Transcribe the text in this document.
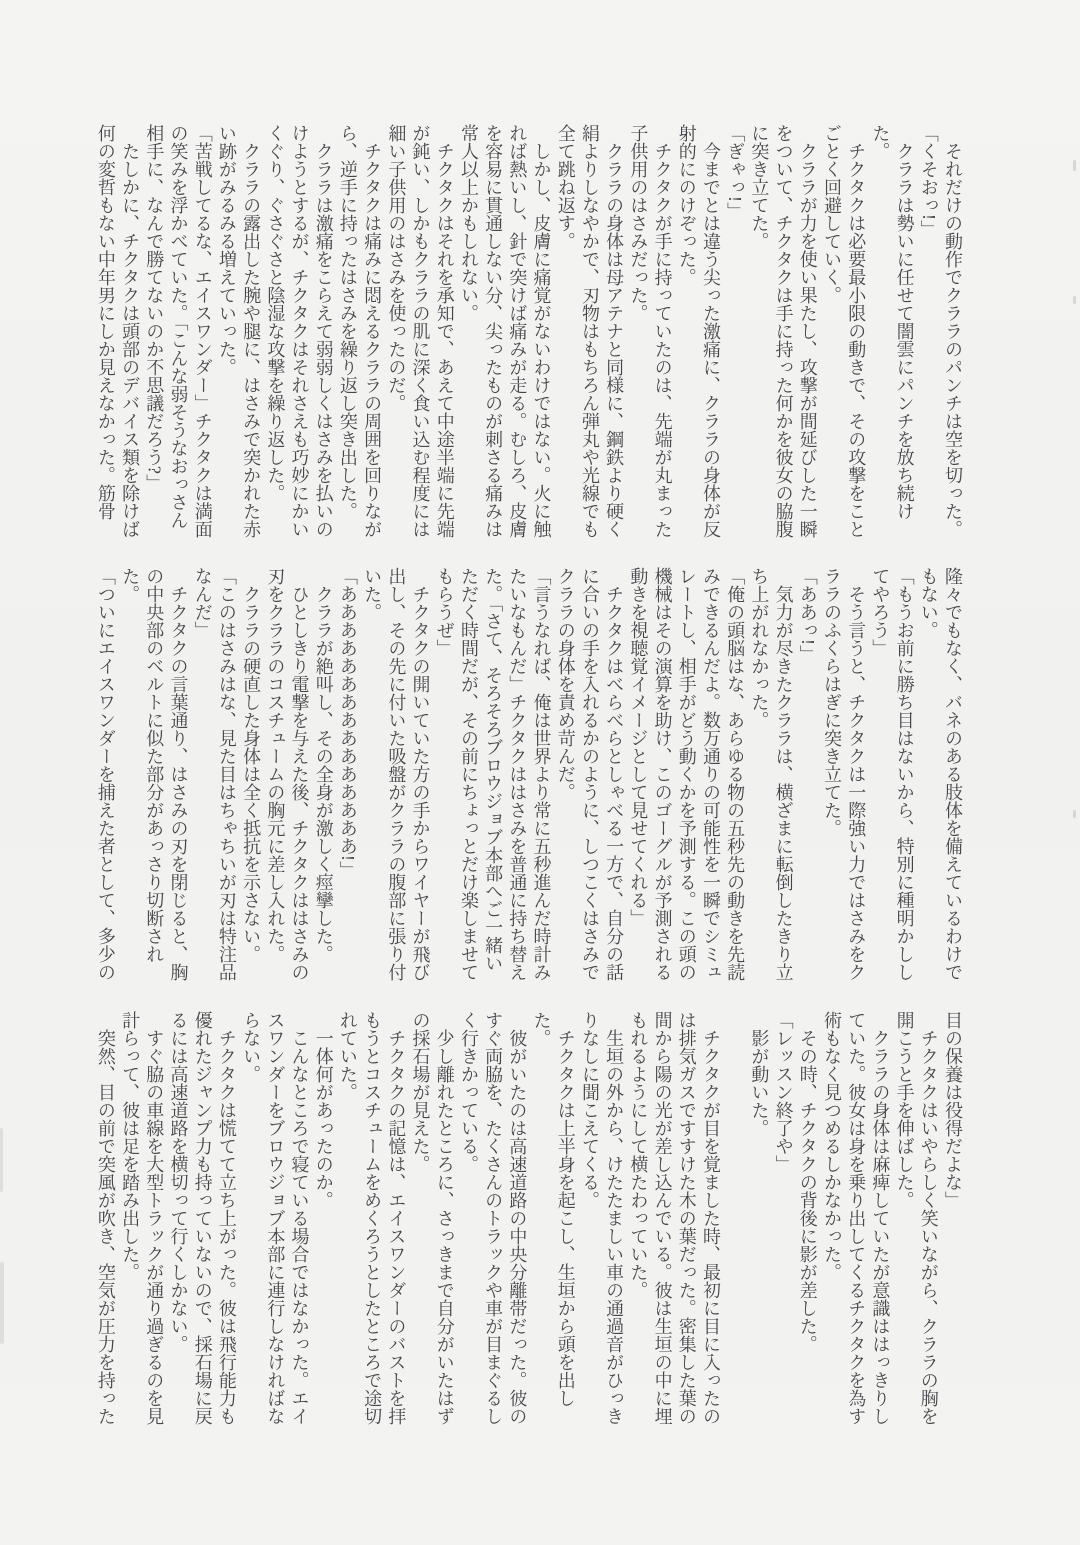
それだけの動作でクララのパンチは空を切った。

「くそおっ!」

クララは勢いに任せて闇雲にパンチを放ち続けた。

チクタクは必要最小限の動きで、その攻撃をことごとく回避していく。

クララが力を使い果たし、攻撃が間延びした一瞬をついて、チクタクは手に持った何かを彼女の脇腹に突き立てた。

「ぎゃっ!」

今までとは違う尖った激痛に、クララの身体が反射的にのけぞった。

チクタクが手に持っていたのは、先端が丸まった子供用のはさみだった。

クララの身体は母アテナと同様に、鋼鉄より硬く絹よりしなやかで、刃物はもちろん弾丸や光線でも全て跳ね返す。

しかし、皮膚に痛覚がないわけではない。火に触れば熱いし、針で突けば痛みが走る。むしろ、皮膚を容易に貫通しない分、尖ったものが刺さる痛みは常人以上かもしれない。

チクタクはそれを承知で、あえて中途半端に先端が鈍い、しかもクララの肌に深く食い込む程度には細い子供用のはさみを使ったのだ。

チクタクは痛みに悶えるクララの周囲を回りながら、逆手に持ったはさみを繰り返し突き出した。

クララは激痛をこらえて弱弱しくはさみを払いのけようとするが、チクタクはそれさえも巧妙にかいくぐり、ぐさぐさと陰湿な攻撃を繰り返した。

クララの露出した腕や腿に、はさみで突かれた赤い跡がみるみる増えていった。

「苦戦してるな、エイスワンダー」チクタクは満面の笑みを浮かべていた。「こんな弱そうなおっさん相手に、なんで勝てないのか不思議だろう?」

たしかに、チクタクは頭部のデバイス類を除けば何の変哲もない中年男にしか見えなかった。筋骨

隆々でもなく、バネのある肢体を備えているわけでもない。

「もうお前に勝ち目はないから、特別に種明かししてやろう」

そう言うと、チクタクは一際強い力ではさみをクララのふくらはぎに突き立てた。

「ああっ!」

気力が尽きたクララは、横ざまに転倒したきり立ち上がれなかった。

「俺の頭脳はな、あらゆる物の五秒先の動きを先読みできるんだよ。数万通りの可能性を一瞬でシミュレートし、相手がどう動くかを予測する。この頭の機械はその演算を助け、このゴーグルが予測される動きを視聴覚イメージとして見せてくれる」

チクタクはべらべらとしゃべる一方で、自分の話に合いの手を入れるかのように、しつこくはさみでクララの身体を責め苛んだ。

「言うなれば、俺は世界より常に五秒進んだ時計みたいなもんだ」チクタクははさみを普通に持ち替えた。「さて、そろそろブロウジョブ本部へご一緒いただく時間だが、その前にちょっとだけ楽しませてもらうぜ」

チクタクの開いていた方の手からワイヤーが飛び出し、その先に付いた吸盤がクララの腹部に張り付いた。

「あああああああああああああああ!」

クララが絶叫し、その全身が激しく痙攣した。

ひとしきり電撃を与えた後、チクタクははさみの刃をクララのコスチュームの胸元に差し入れた。

クララの硬直した身体は全く抵抗を示さない。

「このはさみはな、見た目はちゃちいが刃は特注品なんだ」

チクタクの言葉通り、はさみの刃を閉じると、胸の中央部のベルトに似た部分があっさり切断された。

「ついにエイスワンダーを捕えた者として、多少の

目の保養は役得だよな」

チクタクはいやらしく笑いながら、クララの胸を開こうと手を伸ばした。

クララの身体は麻痺していたが意識ははっきりしていた。彼女は身を乗り出してくるチクタクを為す術もなく見つめるしかなかった。

その時、チクタクの背後に影が差した。

「レッスン終了や」

影が動いた。

チクタクが目を覚ました時、最初に目に入ったのは排気ガスですすけた木の葉だった。密集した葉の間から陽の光が差し込んでいる。彼は生垣の中に埋もれるようにして横たわっていた。

生垣の外から、けたたましい車の通過音がひっきりなしに聞こえてくる。

チクタクは上半身を起こし、生垣から頭を出した。

彼がいたのは高速道路の中央分離帯だった。彼のすぐ両脇を、たくさんのトラックや車が目まぐるしく行きかっている。

少し離れたところに、さっきまで自分がいたはずの採石場が見えた。

チクタクの記憶は、エイスワンダーのバストを拝もうとコスチュームをめくろうとしたところで途切れていた。

一体何があったのか。

こんなところで寝ている場合ではなかった。エイスワンダーをブロウジョブ本部に連行しなければならない。

チクタクは慌てて立ち上がった。彼は飛行能力も優れたジャンプ力も持っていないので、採石場に戻るには高速道路を横切って行くしかない。

すぐ脇の車線を大型トラックが通り過ぎるのを見計らって、彼は足を踏み出した。

突然、目の前で突風が吹き、空気が圧力を持った
